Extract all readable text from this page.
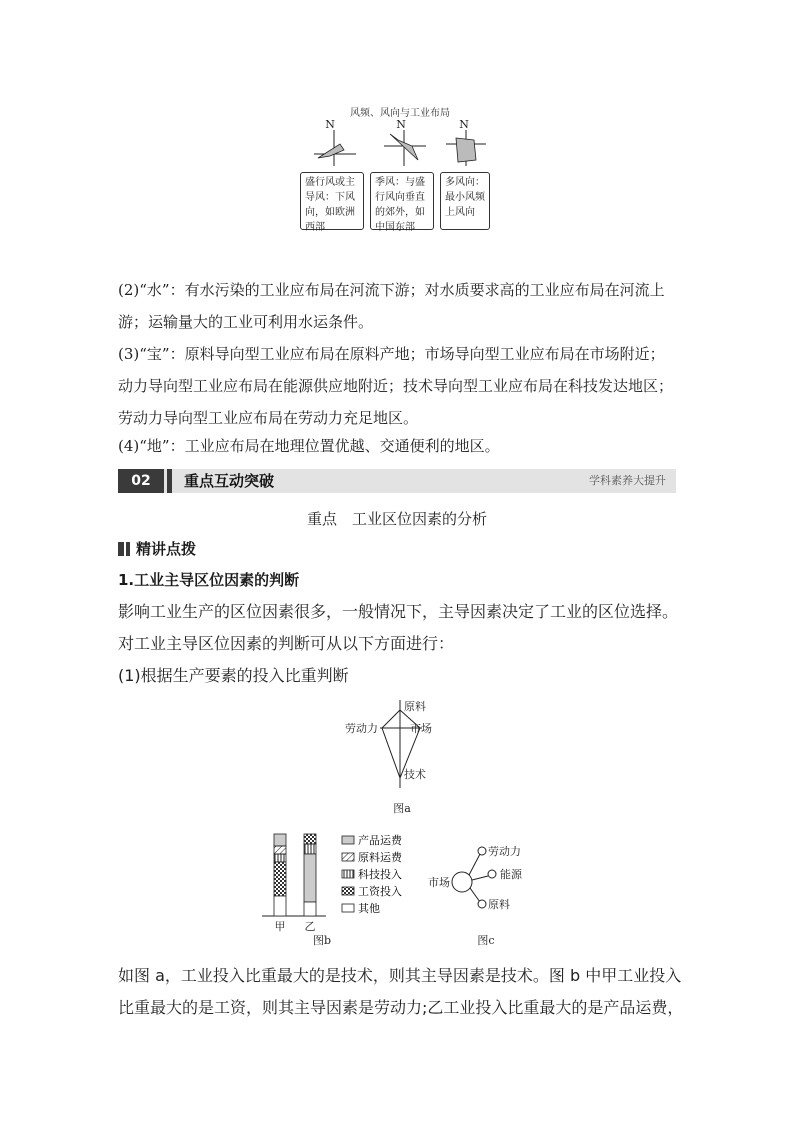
风频、风向与工业布局
N	N	N
盛行风或主导风：下风向，如欧洲西部
季风：与盛行风向垂直的郊外，如中国东部
多风向：最小风频上风向
(2)“水”：有水污染的工业应布局在河流下游；对水质要求高的工业应布局在河流上游；运输量大的工业可利用水运条件。
(3)“宝”：原料导向型工业应布局在原料产地；市场导向型工业应布局在市场附近；动力导向型工业应布局在能源供应地附近；技术导向型工业应布局在科技发达地区；劳动力导向型工业应布局在劳动力充足地区。
(4)“地”：工业应布局在地理位置优越、交通便利的地区。
02	重点互动突破	学科素养大提升
重点　工业区位因素的分析
精讲点拨
1.工业主导区位因素的判断
影响工业生产的区位因素很多，一般情况下，主导因素决定了工业的区位选择。
对工业主导区位因素的判断可从以下方面进行：
(1)根据生产要素的投入比重判断
原料
劳动力	市场
技术
图a
甲 乙
图b
产品运费
原料运费
科技投入
工资投入
其他
市场
劳动力
能源
原料
图c
如图 a，工业投入比重最大的是技术，则其主导因素是技术。图 b 中甲工业投入
比重最大的是工资，则其主导因素是劳动力;乙工业投入比重最大的是产品运费，
